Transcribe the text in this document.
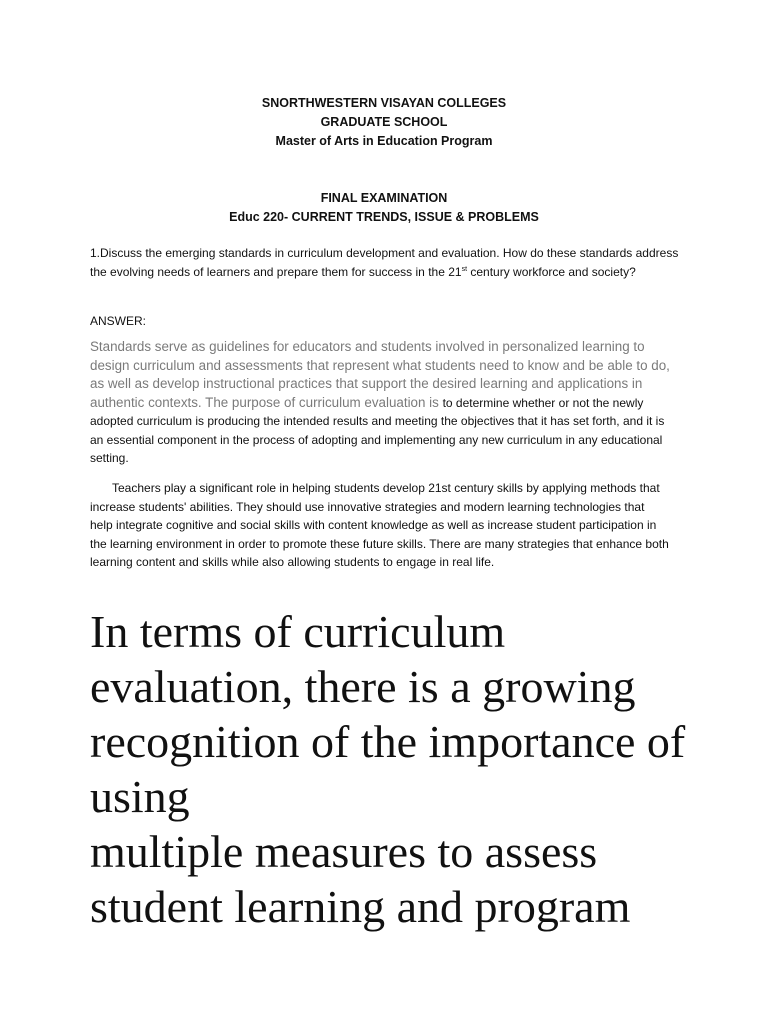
SNORTHWESTERN VISAYAN COLLEGES
GRADUATE SCHOOL
Master of Arts in Education Program
FINAL EXAMINATION
Educ 220- CURRENT TRENDS, ISSUE & PROBLEMS
1.Discuss the emerging standards in curriculum development and evaluation. How do these standards address the evolving needs of learners and prepare them for success in the 21st century workforce and society?
ANSWER:
Standards serve as guidelines for educators and students involved in personalized learning to design curriculum and assessments that represent what students need to know and be able to do, as well as develop instructional practices that support the desired learning and applications in authentic contexts. The purpose of curriculum evaluation is to determine whether or not the newly adopted curriculum is producing the intended results and meeting the objectives that it has set forth, and it is an essential component in the process of adopting and implementing any new curriculum in any educational setting.
Teachers play a significant role in helping students develop 21st century skills by applying methods that increase students' abilities. They should use innovative strategies and modern learning technologies that help integrate cognitive and social skills with content knowledge as well as increase student participation in the learning environment in order to promote these future skills. There are many strategies that enhance both learning content and skills while also allowing students to engage in real life.
In terms of curriculum
evaluation, there is a growing
recognition of the importance of
using
multiple measures to assess
student learning and program
